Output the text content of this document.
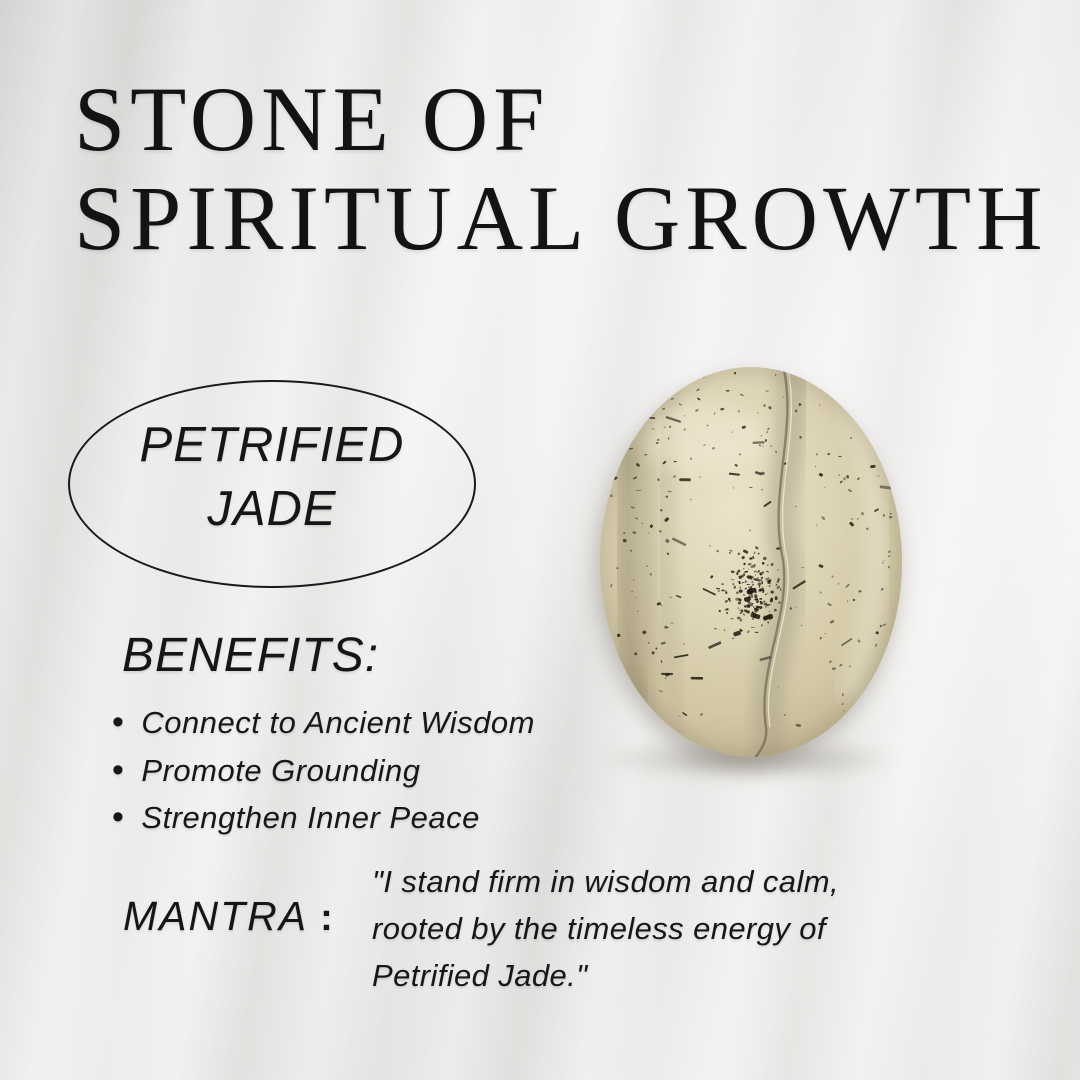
STONE OF
SPIRITUAL GROWTH
PETRIFIED
JADE
BENEFITS:
• Connect to Ancient Wisdom
• Promote Grounding
• Strengthen Inner Peace
MANTRA :
"I stand firm in wisdom and calm,
rooted by the timeless energy of
Petrified Jade."
